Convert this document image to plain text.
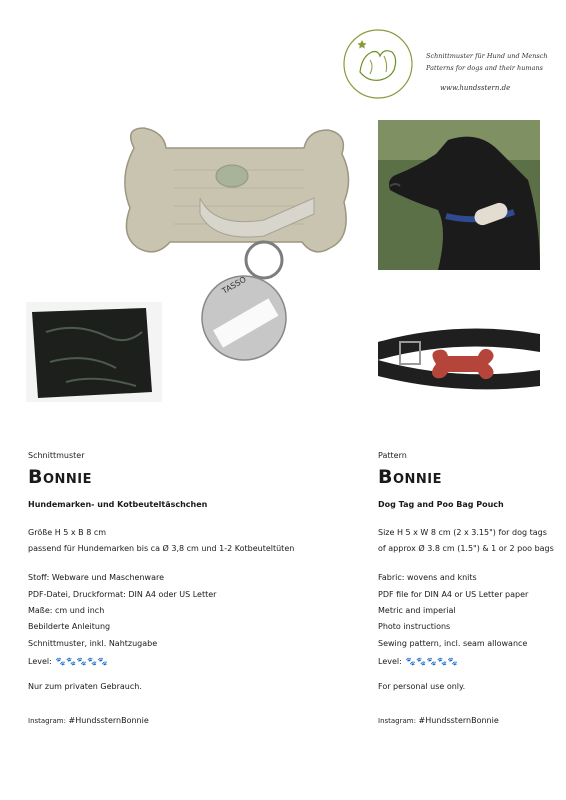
Schnittmuster für Hund und Mensch
Patterns for dogs and their humans
www.hundsstern.de
TASSO
Schnittmuster
Bonnie
Hundemarken- und Kotbeuteltäschchen
Größe H 5 x B 8 cm
passend für Hundemarken bis ca Ø 3,8 cm und 1-2 Kotbeuteltüten
Stoff: Webware und Maschenware
PDF-Datei, Druckformat: DIN A4 oder US Letter
Maße: cm und inch
Bebilderte Anleitung
Schnittmuster, inkl. Nahtzugabe
Level: 🐾🐾🐾🐾🐾
Nur zum privaten Gebrauch.
Instagram: #HundssternBonnie
Pattern
Bonnie
Dog Tag and Poo Bag Pouch
Size H 5 x W 8 cm (2 x 3.15") for dog tags
of approx Ø 3.8 cm (1.5") & 1 or 2 poo bags
Fabric: wovens and knits
PDF file for DIN A4 or US Letter paper
Metric and imperial
Photo instructions
Sewing pattern, incl. seam allowance
Level: 🐾🐾🐾🐾🐾
For personal use only.
Instagram: #HundssternBonnie
